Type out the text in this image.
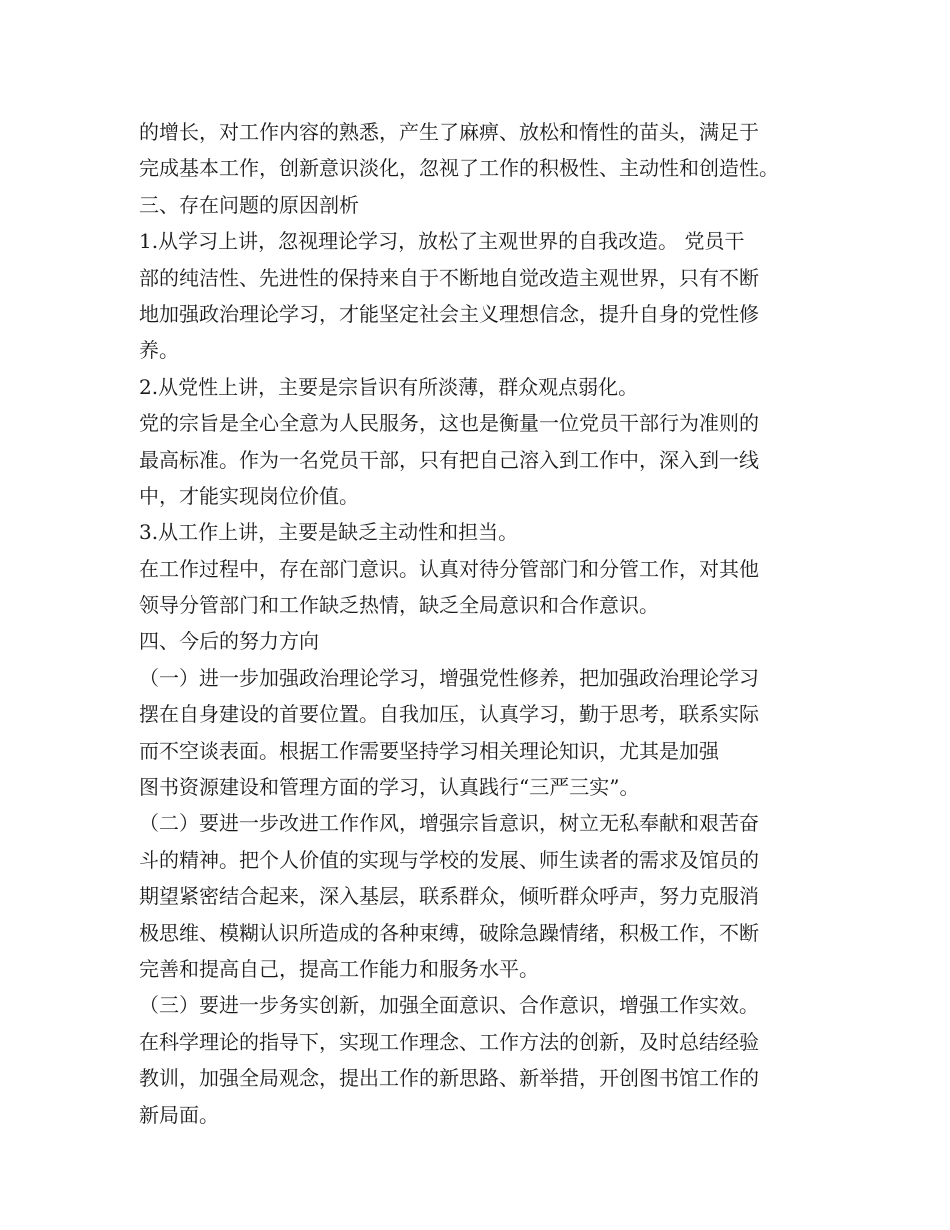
的增长，对工作内容的熟悉，产生了麻痹、放松和惰性的苗头，满足于
完成基本工作，创新意识淡化，忽视了工作的积极性、主动性和创造性。
三、存在问题的原因剖析
1.从学习上讲，忽视理论学习，放松了主观世界的自我改造。 党员干
部的纯洁性、先进性的保持来自于不断地自觉改造主观世界，只有不断
地加强政治理论学习，才能坚定社会主义理想信念，提升自身的党性修
养。
2.从党性上讲，主要是宗旨识有所淡薄，群众观点弱化。
党的宗旨是全心全意为人民服务，这也是衡量一位党员干部行为准则的
最高标准。作为一名党员干部，只有把自己溶入到工作中，深入到一线
中，才能实现岗位价值。
3.从工作上讲，主要是缺乏主动性和担当。
在工作过程中，存在部门意识。认真对待分管部门和分管工作，对其他
领导分管部门和工作缺乏热情，缺乏全局意识和合作意识。
四、今后的努力方向
（一）进一步加强政治理论学习，增强党性修养，把加强政治理论学习
摆在自身建设的首要位置。自我加压，认真学习，勤于思考，联系实际
而不空谈表面。根据工作需要坚持学习相关理论知识，尤其是加强
图书资源建设和管理方面的学习，认真践行“三严三实”。
（二）要进一步改进工作作风，增强宗旨意识，树立无私奉献和艰苦奋
斗的精神。把个人价值的实现与学校的发展、师生读者的需求及馆员的
期望紧密结合起来，深入基层，联系群众，倾听群众呼声，努力克服消
极思维、模糊认识所造成的各种束缚，破除急躁情绪，积极工作，不断
完善和提高自己，提高工作能力和服务水平。
（三）要进一步务实创新，加强全面意识、合作意识，增强工作实效。
在科学理论的指导下，实现工作理念、工作方法的创新，及时总结经验
教训，加强全局观念，提出工作的新思路、新举措，开创图书馆工作的
新局面。
